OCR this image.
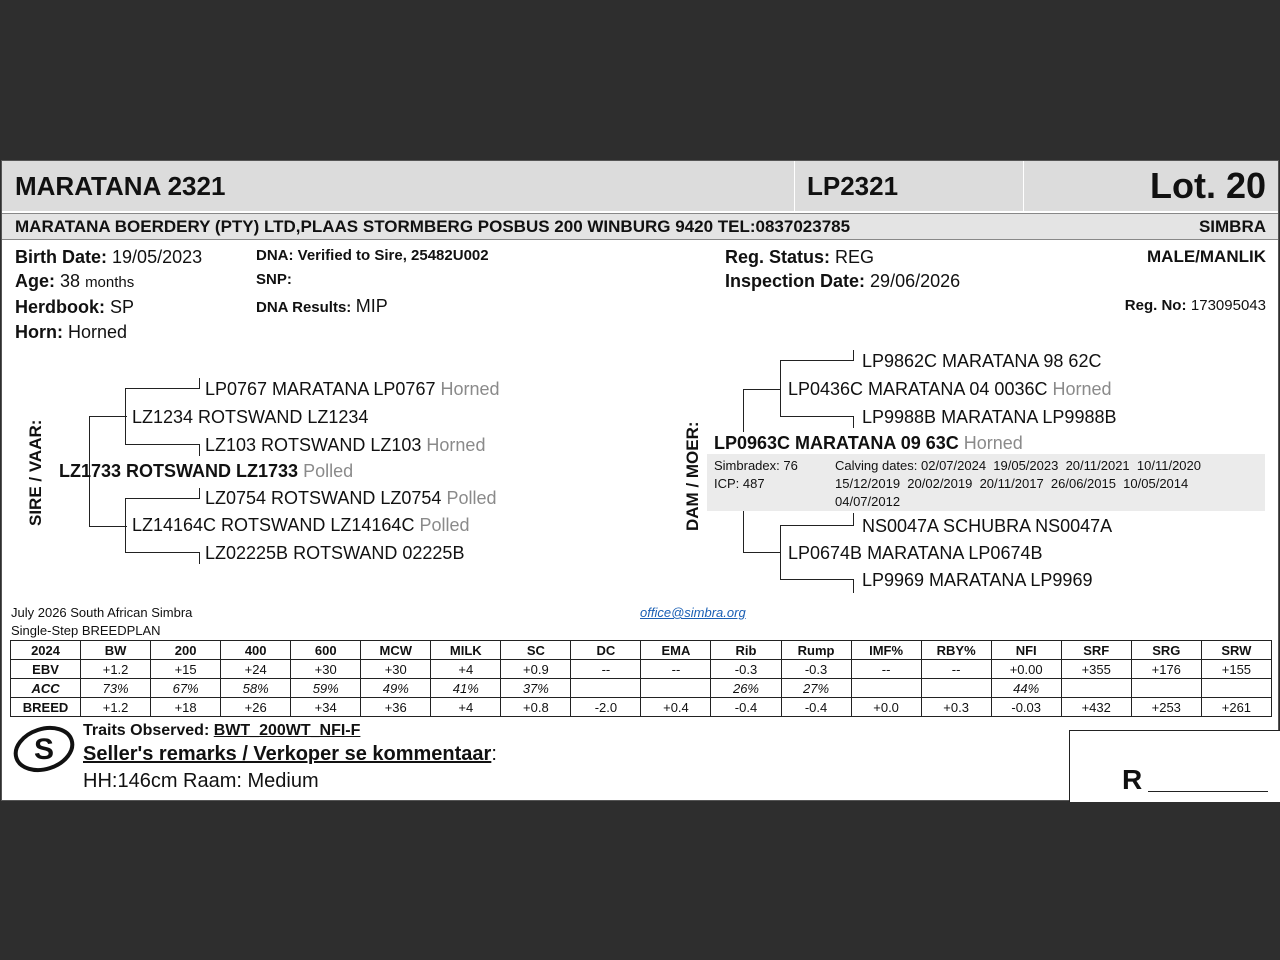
MARATANA 2321	LP2321	Lot. 20
MARATANA BOERDERY (PTY) LTD,PLAAS STORMBERG POSBUS 200 WINBURG 9420 TEL:0837023785	SIMBRA
Birth Date: 19/05/2023
Age: 38 months
Herdbook: SP
Horn: Horned
DNA: Verified to Sire, 25482U002
SNP:
DNA Results: MIP
Reg. Status: REG
Inspection Date: 29/06/2026
MALE/MANLIK
Reg. No: 173095043
SIRE / VAAR:
LP0767 MARATANA LP0767 Horned
LZ1234 ROTSWAND LZ1234
LZ103 ROTSWAND LZ103 Horned
LZ1733 ROTSWAND LZ1733 Polled
LZ0754 ROTSWAND LZ0754 Polled
LZ14164C ROTSWAND LZ14164C Polled
LZ02225B ROTSWAND 02225B
DAM / MOER:
LP9862C MARATANA 98 62C
LP0436C MARATANA 04 0036C Horned
LP9988B MARATANA LP9988B
LP0963C MARATANA 09 63C Horned
Simbradex: 76
ICP: 487
Calving dates: 02/07/2024  19/05/2023  20/11/2021  10/11/2020
15/12/2019  20/02/2019  20/11/2017  26/06/2015  10/05/2014
04/07/2012
NS0047A SCHUBRA NS0047A
LP0674B MARATANA LP0674B
LP9969 MARATANA LP9969
July 2026 South African Simbra
Single-Step BREEDPLAN
office@simbra.org
2024	BW	200	400	600	MCW	MILK	SC	DC	EMA	Rib	Rump	IMF%	RBY%	NFI	SRF	SRG	SRW
EBV	+1.2	+15	+24	+30	+30	+4	+0.9	--	--	-0.3	-0.3	--	--	+0.00	+355	+176	+155
ACC	73%	67%	58%	59%	49%	41%	37%			26%	27%			44%			
BREED	+1.2	+18	+26	+34	+36	+4	+0.8	-2.0	+0.4	-0.4	-0.4	+0.0	+0.3	-0.03	+432	+253	+261
S
Traits Observed: BWT_200WT_NFI-F
Seller's remarks / Verkoper se kommentaar:
HH:146cm Raam: Medium	R
